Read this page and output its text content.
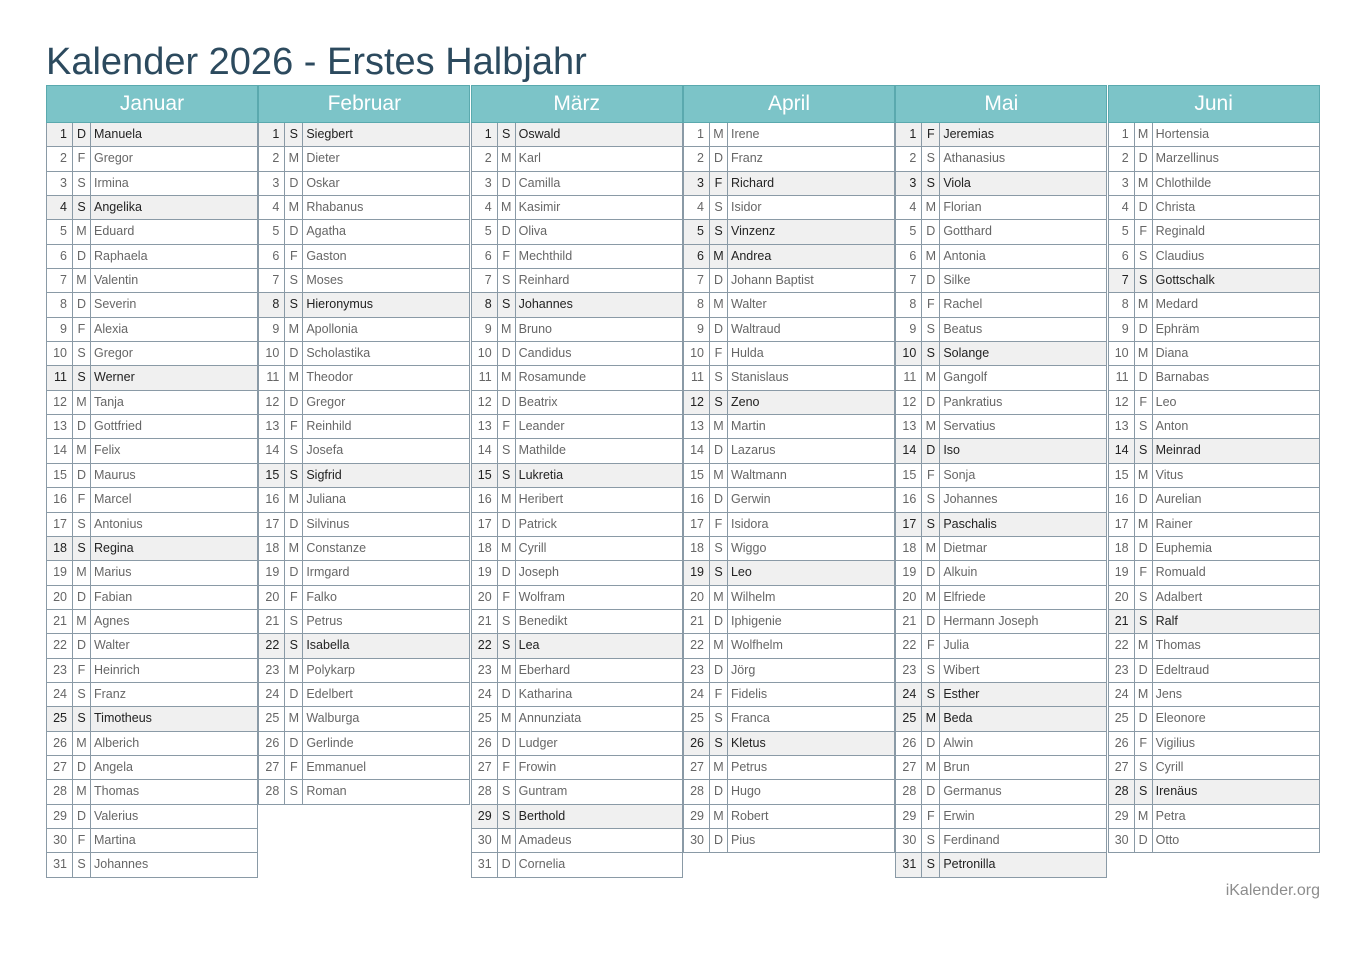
Kalender 2026 - Erstes Halbjahr
Januar
1 D Manuela
2 F Gregor
3 S Irmina
4 S Angelika
5 M Eduard
6 D Raphaela
7 M Valentin
8 D Severin
9 F Alexia
10 S Gregor
11 S Werner
12 M Tanja
13 D Gottfried
14 M Felix
15 D Maurus
16 F Marcel
17 S Antonius
18 S Regina
19 M Marius
20 D Fabian
21 M Agnes
22 D Walter
23 F Heinrich
24 S Franz
25 S Timotheus
26 M Alberich
27 D Angela
28 M Thomas
29 D Valerius
30 F Martina
31 S Johannes
Februar
1 S Siegbert
2 M Dieter
3 D Oskar
4 M Rhabanus
5 D Agatha
6 F Gaston
7 S Moses
8 S Hieronymus
9 M Apollonia
10 D Scholastika
11 M Theodor
12 D Gregor
13 F Reinhild
14 S Josefa
15 S Sigfrid
16 M Juliana
17 D Silvinus
18 M Constanze
19 D Irmgard
20 F Falko
21 S Petrus
22 S Isabella
23 M Polykarp
24 D Edelbert
25 M Walburga
26 D Gerlinde
27 F Emmanuel
28 S Roman
März
1 S Oswald
2 M Karl
3 D Camilla
4 M Kasimir
5 D Oliva
6 F Mechthild
7 S Reinhard
8 S Johannes
9 M Bruno
10 D Candidus
11 M Rosamunde
12 D Beatrix
13 F Leander
14 S Mathilde
15 S Lukretia
16 M Heribert
17 D Patrick
18 M Cyrill
19 D Joseph
20 F Wolfram
21 S Benedikt
22 S Lea
23 M Eberhard
24 D Katharina
25 M Annunziata
26 D Ludger
27 F Frowin
28 S Guntram
29 S Berthold
30 M Amadeus
31 D Cornelia
April
1 M Irene
2 D Franz
3 F Richard
4 S Isidor
5 S Vinzenz
6 M Andrea
7 D Johann Baptist
8 M Walter
9 D Waltraud
10 F Hulda
11 S Stanislaus
12 S Zeno
13 M Martin
14 D Lazarus
15 M Waltmann
16 D Gerwin
17 F Isidora
18 S Wiggo
19 S Leo
20 M Wilhelm
21 D Iphigenie
22 M Wolfhelm
23 D Jörg
24 F Fidelis
25 S Franca
26 S Kletus
27 M Petrus
28 D Hugo
29 M Robert
30 D Pius
Mai
1 F Jeremias
2 S Athanasius
3 S Viola
4 M Florian
5 D Gotthard
6 M Antonia
7 D Silke
8 F Rachel
9 S Beatus
10 S Solange
11 M Gangolf
12 D Pankratius
13 M Servatius
14 D Iso
15 F Sonja
16 S Johannes
17 S Paschalis
18 M Dietmar
19 D Alkuin
20 M Elfriede
21 D Hermann Joseph
22 F Julia
23 S Wibert
24 S Esther
25 M Beda
26 D Alwin
27 M Brun
28 D Germanus
29 F Erwin
30 S Ferdinand
31 S Petronilla
Juni
1 M Hortensia
2 D Marzellinus
3 M Chlothilde
4 D Christa
5 F Reginald
6 S Claudius
7 S Gottschalk
8 M Medard
9 D Ephräm
10 M Diana
11 D Barnabas
12 F Leo
13 S Anton
14 S Meinrad
15 M Vitus
16 D Aurelian
17 M Rainer
18 D Euphemia
19 F Romuald
20 S Adalbert
21 S Ralf
22 M Thomas
23 D Edeltraud
24 M Jens
25 D Eleonore
26 F Vigilius
27 S Cyrill
28 S Irenäus
29 M Petra
30 D Otto
iKalender.org
